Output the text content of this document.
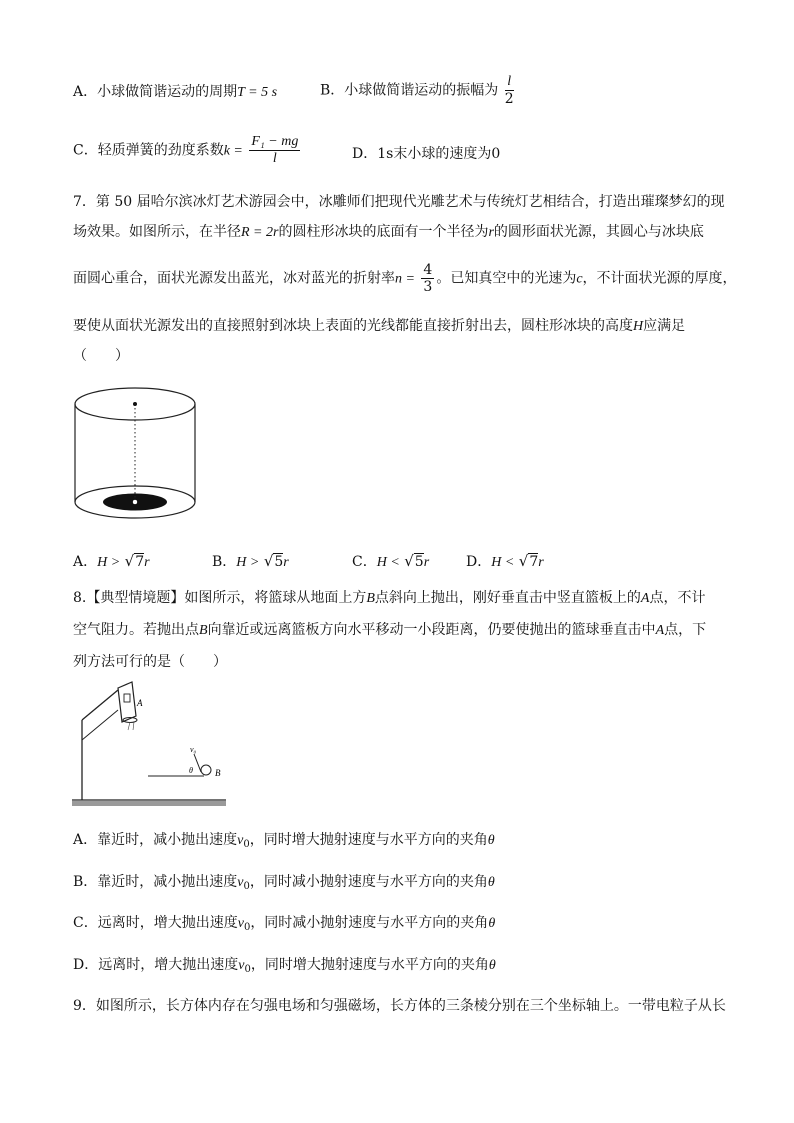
A．小球做简谐运动的周期T = 5 s	B．小球做简谐运动的振幅为 $\frac{l}{2}$
C．轻质弹簧的劲度系数$k = \frac{\text{F₁ − mg}}{l}$	D．1s末小球的速度为0
7．第 50 届哈尔滨冰灯艺术游园会中，冰雕师们把现代光雕艺术与传统灯艺相结合，打造出璀璨梦幻的现
场效果。如图所示，在半径R = 2r的圆柱形冰块的底面有一个半径为r的圆形面状光源，其圆心与冰块底
面圆心重合，面状光源发出蓝光，冰对蓝光的折射率$n = \frac{4}{3}$ 。已知真空中的光速为c，不计面状光源的厚度，
要使从面状光源发出的直接照射到冰块上表面的光线都能直接折射出去，圆柱形冰块的高度H应满足
（　　）
A．H > √7r	B．H > √5r	C．H < √5r	D．H < √7r
8.【典型情境题】如图所示，将篮球从地面上方B点斜向上抛出，刚好垂直击中竖直篮板上的A点，不计
空气阻力。若抛出点B向靠近或远离篮板方向水平移动一小段距离，仍要使抛出的篮球垂直击中A点，下
列方法可行的是（　　）
A
v₀
θ B
A．靠近时，减小抛出速度$v_0$，同时增大抛射速度与水平方向的夹角θ
B．靠近时，减小抛出速度$v_0$，同时减小抛射速度与水平方向的夹角θ
C．远离时，增大抛出速度$v_0$，同时减小抛射速度与水平方向的夹角θ
D．远离时，增大抛出速度$v_0$，同时增大抛射速度与水平方向的夹角θ
9．如图所示，长方体内存在匀强电场和匀强磁场，长方体的三条棱分别在三个坐标轴上。一带电粒子从长
